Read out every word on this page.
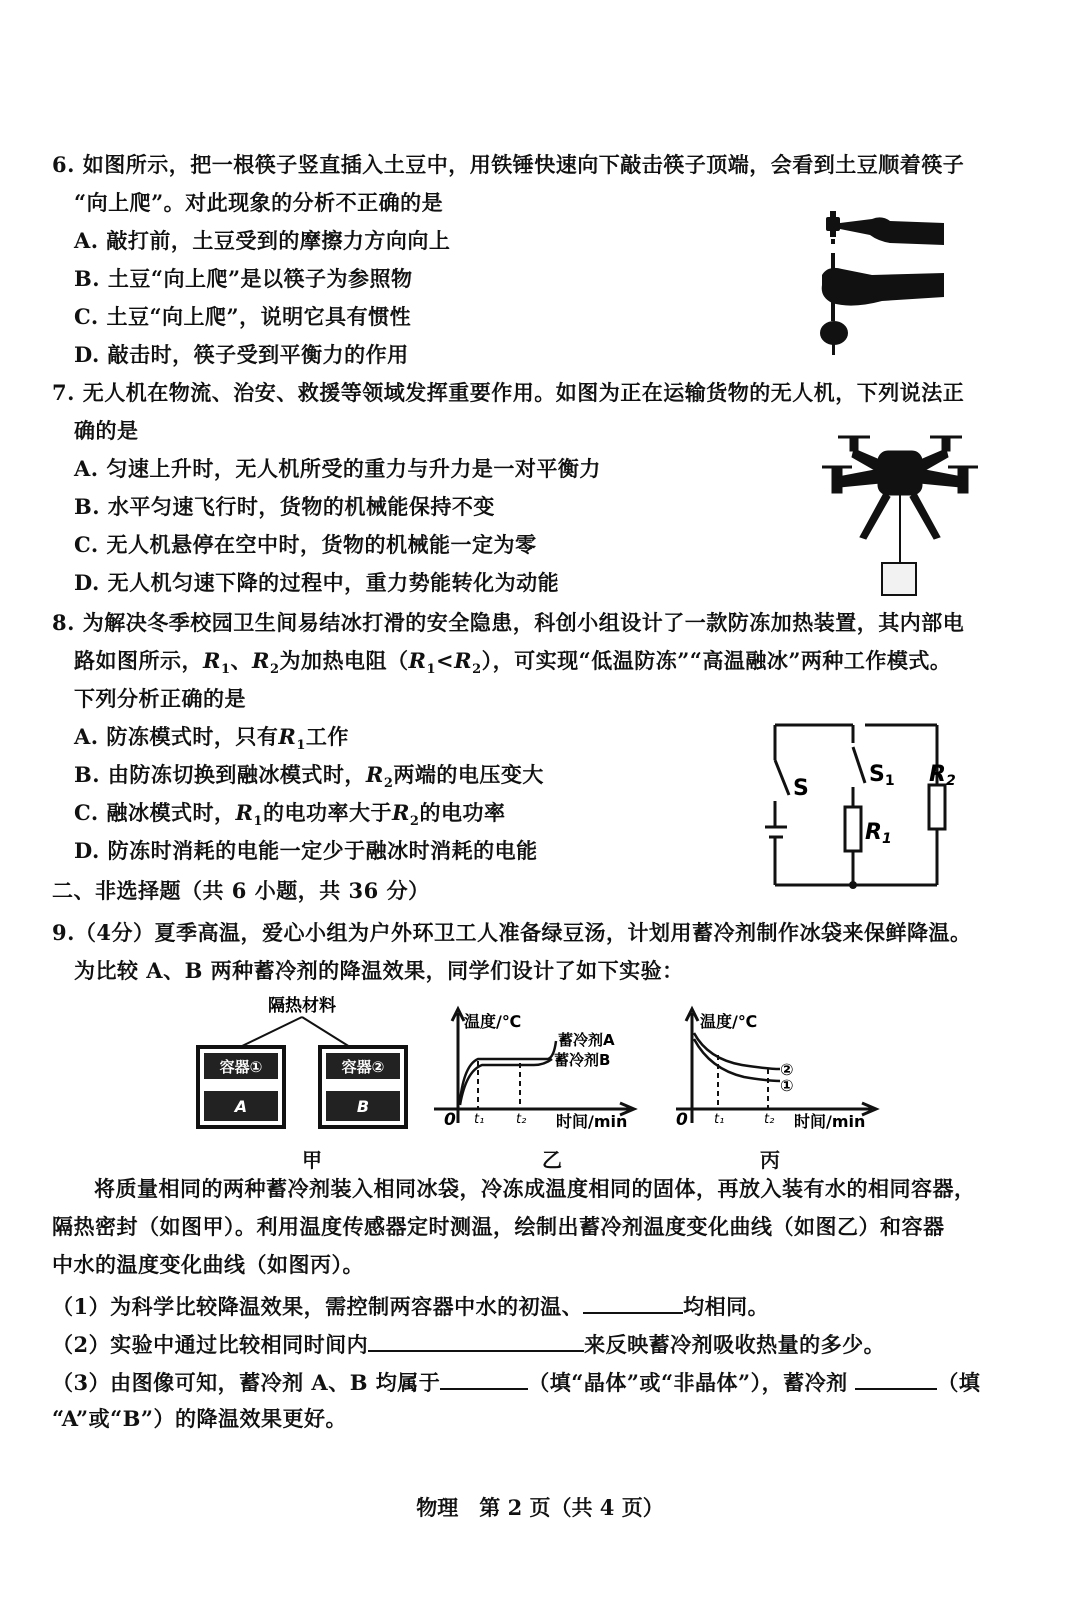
6. 如图所示，把一根筷子竖直插入土豆中，用铁锤快速向下敲击筷子顶端，会看到土豆顺着筷子
“向上爬”。对此现象的分析不正确的是
A. 敲打前，土豆受到的摩擦力方向向上
B. 土豆“向上爬”是以筷子为参照物
C. 土豆“向上爬”，说明它具有惯性
D. 敲击时，筷子受到平衡力的作用
7. 无人机在物流、治安、救援等领域发挥重要作用。如图为正在运输货物的无人机，下列说法正
确的是
A. 匀速上升时，无人机所受的重力与升力是一对平衡力
B. 水平匀速飞行时，货物的机械能保持不变
C. 无人机悬停在空中时，货物的机械能一定为零
D. 无人机匀速下降的过程中，重力势能转化为动能
8. 为解决冬季校园卫生间易结冰打滑的安全隐患，科创小组设计了一款防冻加热装置，其内部电
路如图所示，$R_1$、$R_2$为加热电阻$(R_1<R_2)$，可实现“低温防冻”“高温融冰”两种工作模式。
下列分析正确的是
A. 防冻模式时，只有$R_1$工作
B. 由防冻切换到融冰模式时，$R_2$两端的电压变大
C. 融冰模式时，$R_1$的电功率大于$R_2$的电功率
D. 防冻时消耗的电能一定少于融冰时消耗的电能
S
S1
R1
R2
二、非选择题（共 6 小题，共 36 分）
9.（4分）夏季高温，爱心小组为户外环卫工人准备绿豆汤，计划用蓄冷剂制作冰袋来保鲜降温。
为比较 A、B 两种蓄冷剂的降温效果，同学们设计了如下实验：
隔热材料
容器①
A
容器②
B
温度/℃
蓄冷剂A
蓄冷剂B
0 t₁ t₂ 时间/min
温度/℃
②
①
0 t₁	t₂ 时间/min
甲	乙	丙
将质量相同的两种蓄冷剂装入相同冰袋，冷冻成温度相同的固体，再放入装有水的相同容器，
隔热密封（如图甲）。利用温度传感器定时测温，绘制出蓄冷剂温度变化曲线（如图乙）和容器
中水的温度变化曲线（如图丙）。
（1）为科学比较降温效果，需控制两容器中水的初温、	均相同。
（2）实验中通过比较相同时间内	来反映蓄冷剂吸收热量的多少。
（3）由图像可知，蓄冷剂 A、B 均属于	（填“晶体”或“非晶体”），蓄冷剂	（填
“A”或“B”）的降温效果更好。
物理　第 2 页（共 4 页）
